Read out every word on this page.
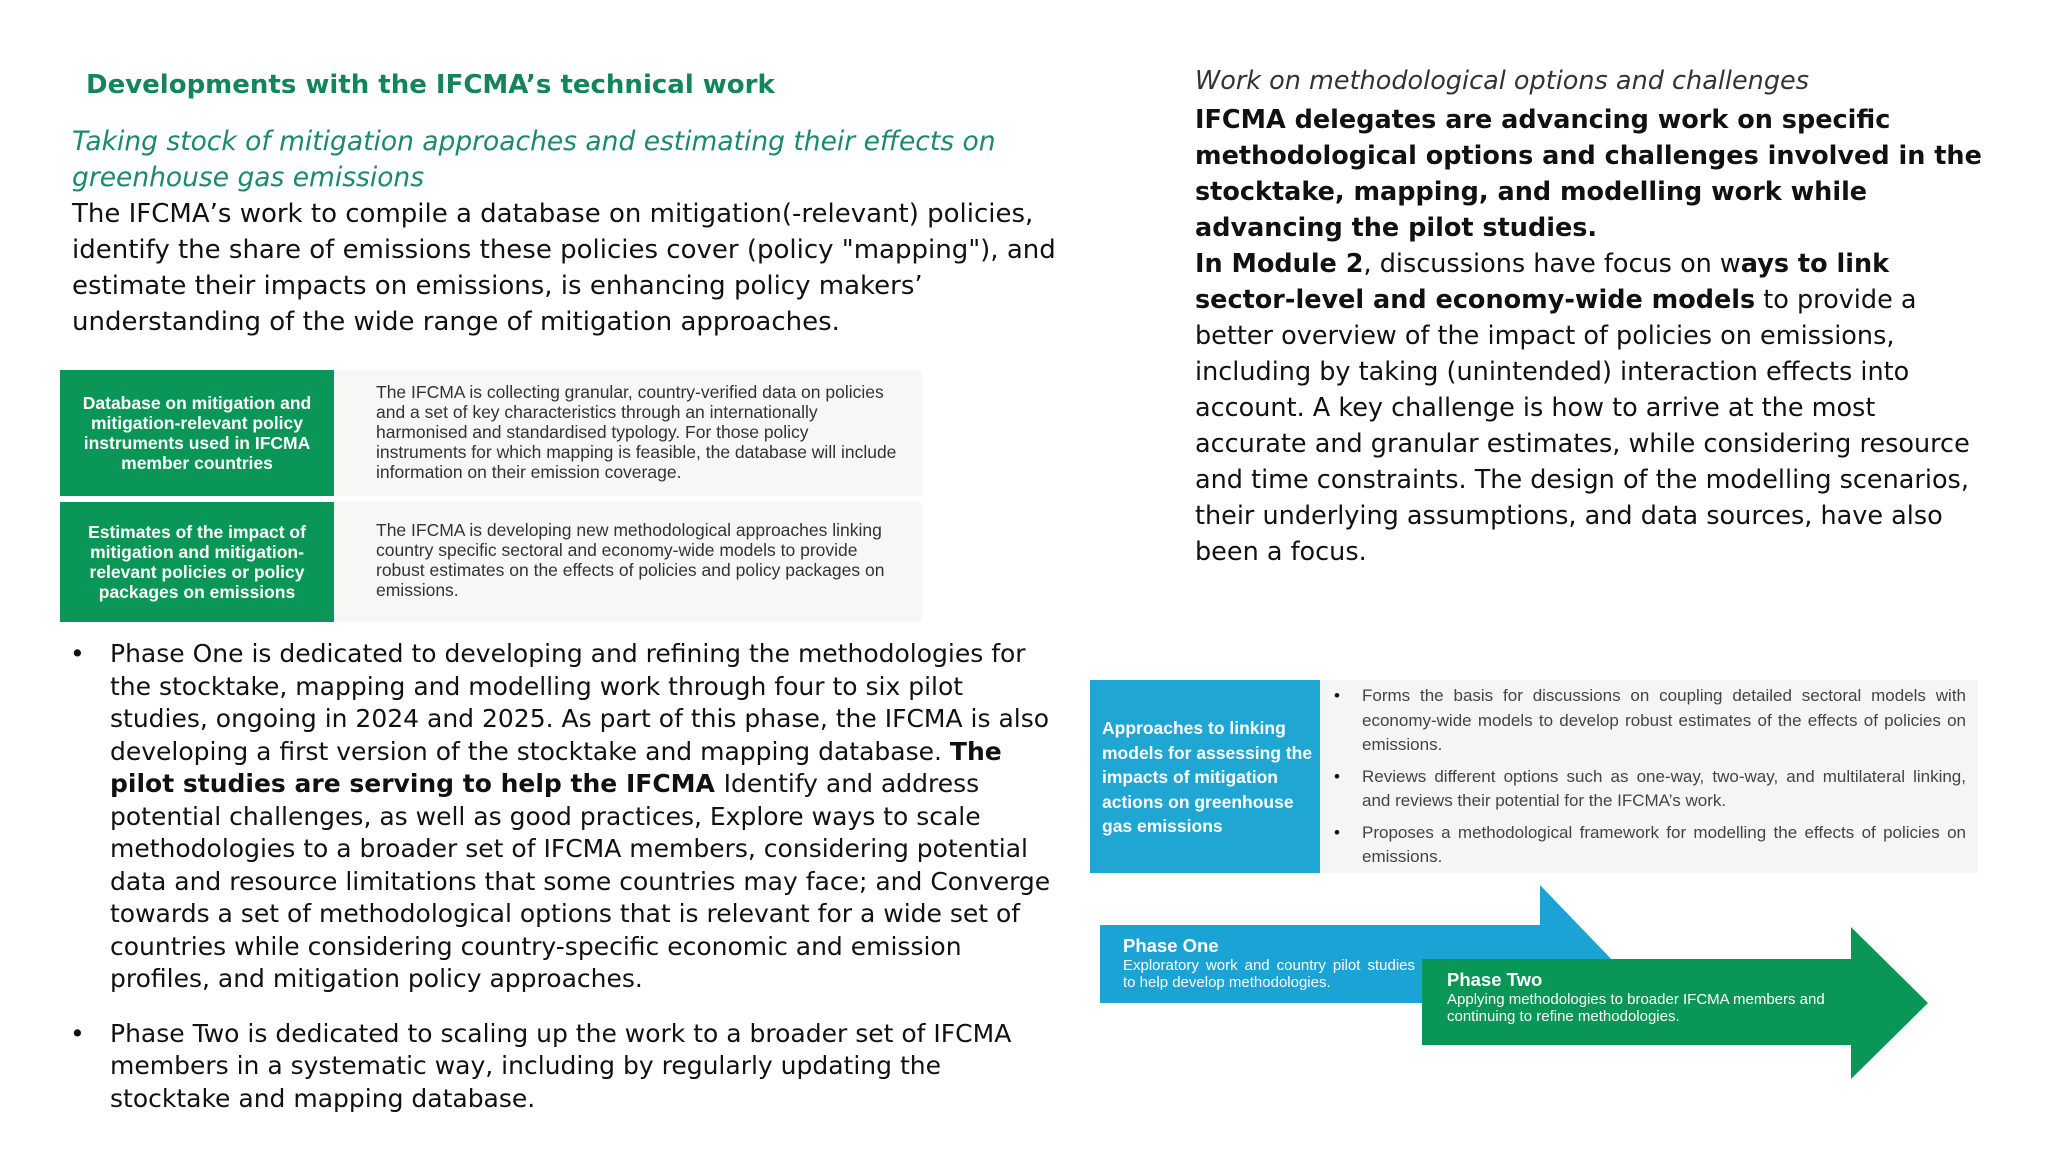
Developments with the IFCMA’s technical work
Taking stock of mitigation approaches and estimating their effects on greenhouse gas emissions
The IFCMA’s work to compile a database on mitigation(-relevant) policies, identify the share of emissions these policies cover (policy "mapping"), and estimate their impacts on emissions, is enhancing policy makers’ understanding of the wide range of mitigation approaches.
Database on mitigation and mitigation-relevant policy instruments used in IFCMA member countries
The IFCMA is collecting granular, country-verified data on policies and a set of key characteristics through an internationally harmonised and standardised typology. For those policy instruments for which mapping is feasible, the database will include information on their emission coverage.
Estimates of the impact of mitigation and mitigation-relevant policies or policy packages on emissions
The IFCMA is developing new methodological approaches linking country specific sectoral and economy-wide models to provide robust estimates on the effects of policies and policy packages on emissions.
• Phase One is dedicated to developing and refining the methodologies for the stocktake, mapping and modelling work through four to six pilot studies, ongoing in 2024 and 2025. As part of this phase, the IFCMA is also developing a first version of the stocktake and mapping database. The pilot studies are serving to help the IFCMA Identify and address potential challenges, as well as good practices, Explore ways to scale methodologies to a broader set of IFCMA members, considering potential data and resource limitations that some countries may face; and Converge towards a set of methodological options that is relevant for a wide set of countries while considering country-specific economic and emission profiles, and mitigation policy approaches.
• Phase Two is dedicated to scaling up the work to a broader set of IFCMA members in a systematic way, including by regularly updating the stocktake and mapping database.
Work on methodological options and challenges
IFCMA delegates are advancing work on specific methodological options and challenges involved in the stocktake, mapping, and modelling work while advancing the pilot studies.
In Module 2, discussions have focus on ways to link sector-level and economy-wide models to provide a better overview of the impact of policies on emissions, including by taking (unintended) interaction effects into account. A key challenge is how to arrive at the most accurate and granular estimates, while considering resource and time constraints. The design of the modelling scenarios, their underlying assumptions, and data sources, have also been a focus.
Approaches to linking models for assessing the impacts of mitigation actions on greenhouse gas emissions
• Forms the basis for discussions on coupling detailed sectoral models with economy-wide models to develop robust estimates of the effects of policies on emissions.
• Reviews different options such as one-way, two-way, and multilateral linking, and reviews their potential for the IFCMA’s work.
• Proposes a methodological framework for modelling the effects of policies on emissions.
Phase One
Exploratory work and country pilot studies to help develop methodologies.	Phase Two
Applying methodologies to broader IFCMA members and continuing to refine methodologies.
